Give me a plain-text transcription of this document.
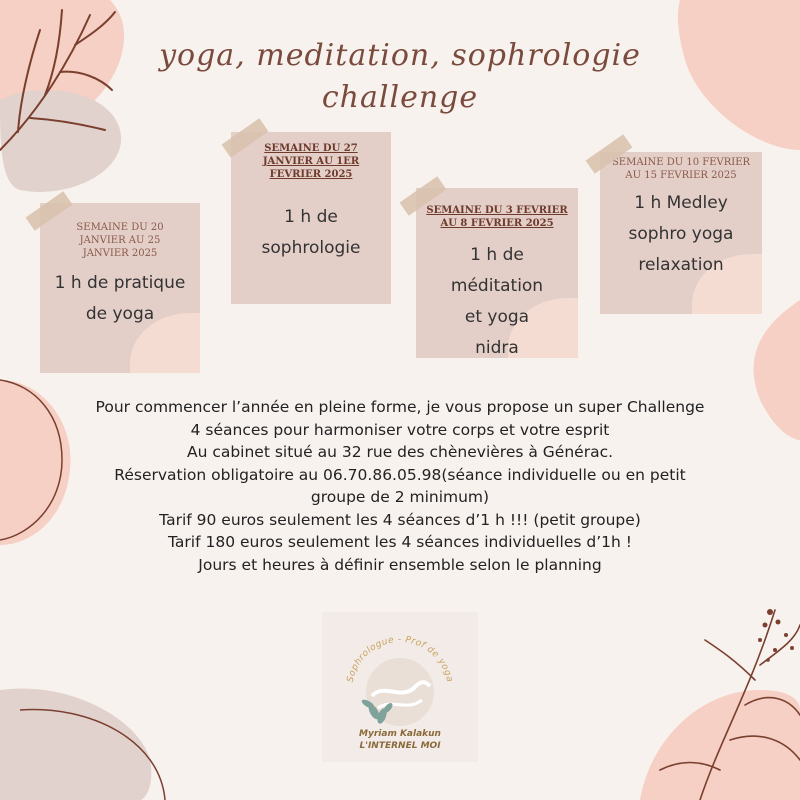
yoga, meditation, sophrologie
challenge
SEMAINE DU 20 JANVIER AU 25 JANVIER 2025
1 h de pratique
de yoga
SEMAINE DU 27 JANVIER AU 1ER FEVRIER 2025
1 h de
sophrologie
SEMAINE DU 3 FEVRIER AU 8 FEVRIER 2025
1 h de
méditation
et yoga
nidra
SEMAINE DU 10 FEVRIER AU 15 FEVRIER 2025
1 h Medley
sophro yoga
relaxation
Pour commencer l’année en pleine forme, je vous propose un super Challenge
4 séances pour harmoniser votre corps et votre esprit
Au cabinet situé au 32 rue des chènevières à Générac.
Réservation obligatoire au 06.70.86.05.98(séance individuelle ou en petit groupe de 2 minimum)
Tarif 90 euros seulement les 4 séances d’1 h !!! (petit groupe)
Tarif 180 euros seulement les 4 séances individuelles d’1h !
Jours et heures à définir ensemble selon le planning
Sophrologue - Prof de yoga
Myriam Kalakun
L'INTERNEL MOI
